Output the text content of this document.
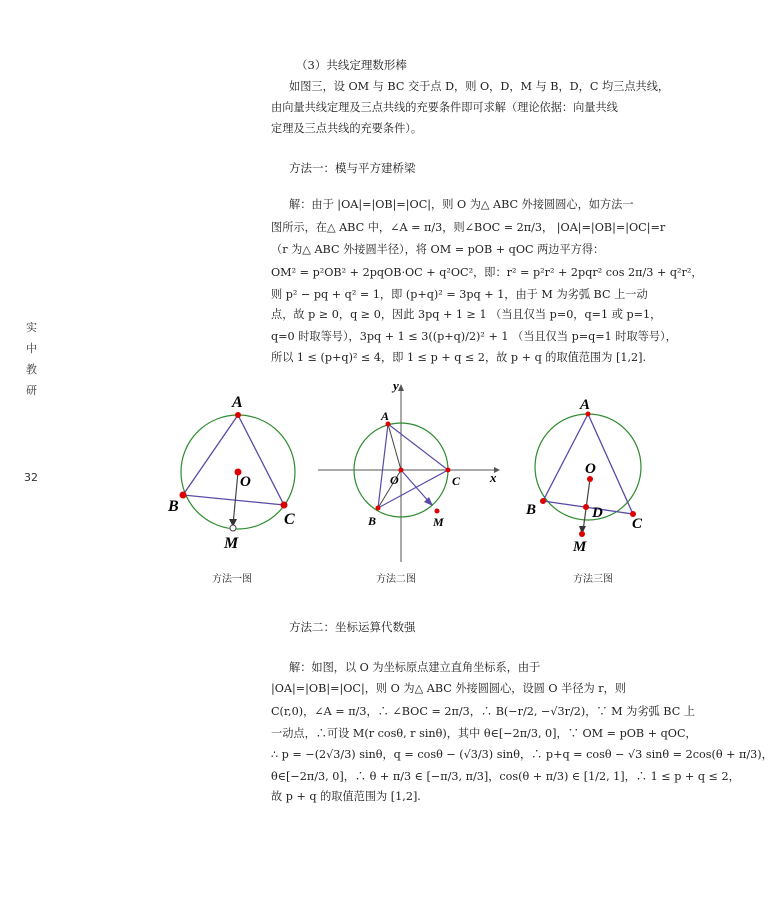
实
中
教
研
32
（3）共线定理数形棒
如图三，设 OM 与 BC 交于点 D，则 O，D，M 与 B，D，C 均三点共线，
由向量共线定理及三点共线的充要条件即可求解（理论依据：向量共线
定理及三点共线的充要条件）。
方法一：模与平方建桥梁
解：由于 |OA|=|OB|=|OC|，则 O 为△ ABC 外接圆圆心，如方法一
图所示，在△ ABC 中，∠A = π/3，则∠BOC = 2π/3， |OA|=|OB|=|OC|=r
（r 为△ ABC 外接圆半径），将 OM = pOB + qOC 两边平方得：
OM² = p²OB² + 2pqOB·OC + q²OC²，即：r² = p²r² + 2pqr² cos 2π/3 + q²r²，
则 p² − pq + q² = 1，即 (p+q)² = 3pq + 1，由于 M 为劣弧 BC 上一动
点，故 p ≥ 0，q ≥ 0，因此 3pq + 1 ≥ 1 （当且仅当 p=0，q=1 或 p=1，
q=0 时取等号），3pq + 1 ≤ 3((p+q)/2)² + 1 （当且仅当 p=q=1 时取等号），
所以 1 ≤ (p+q)² ≤ 4，即 1 ≤ p + q ≤ 2，故 p + q 的取值范围为 [1,2].
A
O
B
C
M
方法一图
y
x
A
O
B
C
M
方法二图
A
O
B
C
D
M
方法三图
方法二：坐标运算代数强
解：如图，以 O 为坐标原点建立直角坐标系，由于
|OA|=|OB|=|OC|，则 O 为△ ABC 外接圆圆心，设圆 O 半径为 r，则
C(r,0)，∠A = π/3，∴ ∠BOC = 2π/3，∴ B(−r/2, −√3r/2)，∵ M 为劣弧 BC 上
一动点，∴可设 M(r cosθ, r sinθ)，其中 θ∈[−2π/3, 0]，∵ OM = pOB + qOC，
∴ p = −(2√3/3) sinθ，q = cosθ − (√3/3) sinθ，∴ p+q = cosθ − √3 sinθ = 2cos(θ + π/3)，
θ∈[−2π/3, 0]，∴ θ + π/3 ∈ [−π/3, π/3]，cos(θ + π/3) ∈ [1/2, 1]，∴ 1 ≤ p + q ≤ 2，
故 p + q 的取值范围为 [1,2].
